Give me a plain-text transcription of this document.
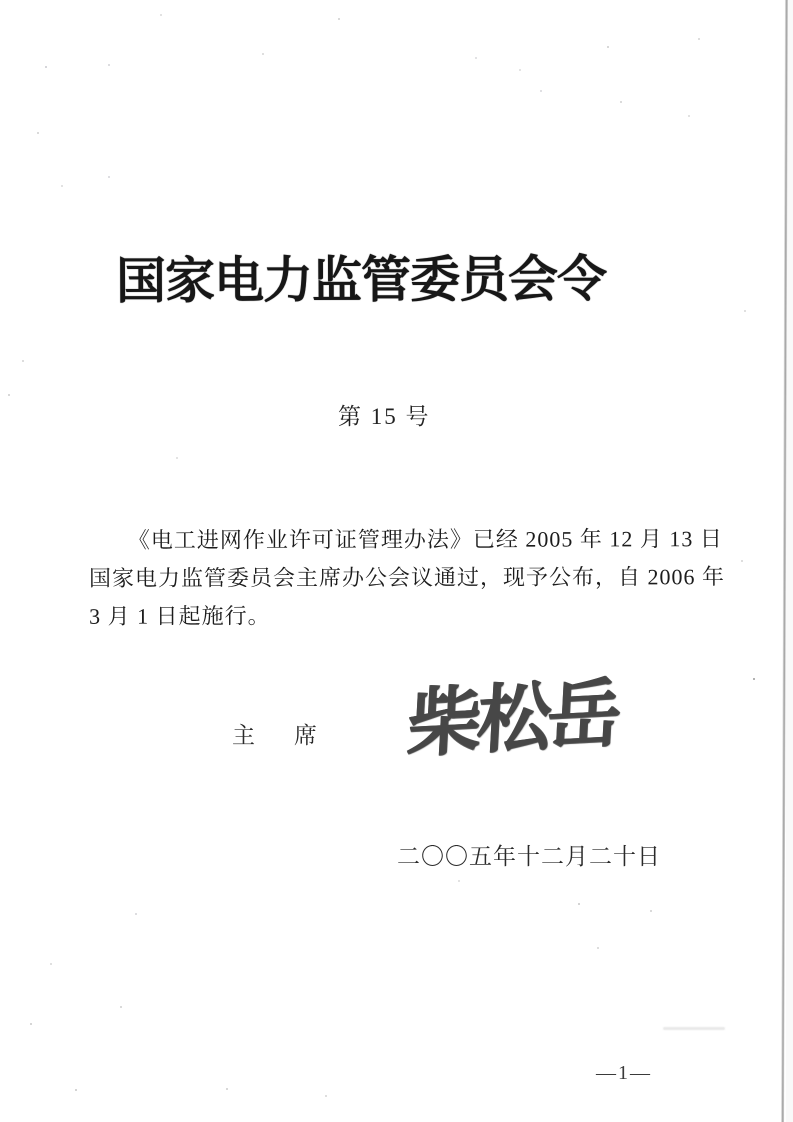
国家电力监管委员会令
第 15 号
《电工进网作业许可证管理办法》已经 2005 年 12 月 13 日
国家电力监管委员会主席办公会议通过，现予公布，自 2006 年
3 月 1 日起施行。
主 席 柴松岳
二〇〇五年十二月二十日
—1—
